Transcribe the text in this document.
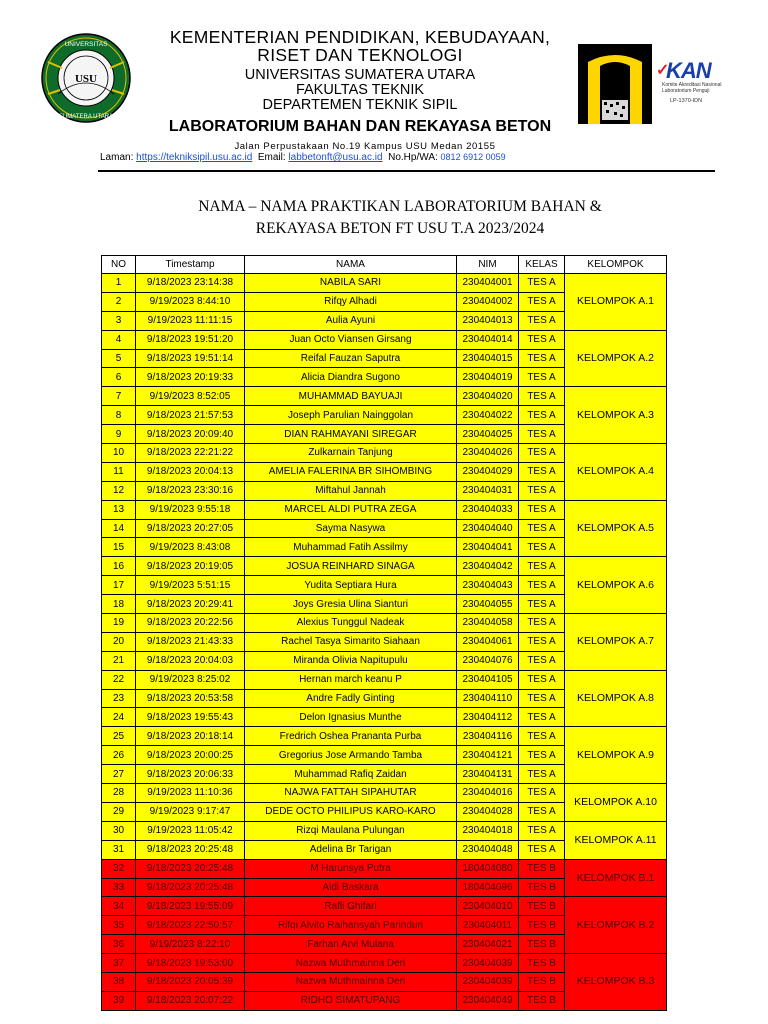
USU
UNIVERSITAS
SUMATERA UTARA
✓
KAN
Komite Akreditasi Nasional Laboratorium Penguji
LP-1370-IDN
KEMENTERIAN PENDIDIKAN, KEBUDAYAAN,
RISET DAN TEKNOLOGI
UNIVERSITAS SUMATERA UTARA
FAKULTAS TEKNIK
DEPARTEMEN TEKNIK SIPIL
LABORATORIUM BAHAN DAN REKAYASA BETON
Jalan Perpustakaan No.19 Kampus USU Medan 20155
Laman: https://tekniksipil.usu.ac.id Email: labbetonft@usu.ac.id No.Hp/WA: 0812 6912 0059
NAMA – NAMA PRAKTIKAN LABORATORIUM BAHAN &
REKAYASA BETON FT USU T.A 2023/2024
NO	Timestamp	NAMA	NIM	KELAS	KELOMPOK
1	9/18/2023 23:14:38	NABILA SARI	230404001	TES A	KELOMPOK A.1
2	9/19/2023 8:44:10	Rifqy Alhadi	230404002	TES A	
3	9/19/2023 11:11:15	Aulia Ayuni	230404013	TES A	
4	9/18/2023 19:51:20	Juan Octo Viansen Girsang	230404014	TES A	KELOMPOK A.2
5	9/18/2023 19:51:14	Reifal Fauzan Saputra	230404015	TES A	
6	9/18/2023 20:19:33	Alicia Diandra Sugono	230404019	TES A	
7	9/19/2023 8:52:05	MUHAMMAD BAYUAJI	230404020	TES A	KELOMPOK A.3
8	9/18/2023 21:57:53	Joseph Parulian Nainggolan	230404022	TES A	
9	9/18/2023 20:09:40	DIAN RAHMAYANI SIREGAR	230404025	TES A	
10	9/18/2023 22:21:22	Zulkarnain Tanjung	230404026	TES A	KELOMPOK A.4
11	9/18/2023 20:04:13	AMELIA FALERINA BR SIHOMBING	230404029	TES A	
12	9/18/2023 23:30:16	Miftahul Jannah	230404031	TES A	
13	9/19/2023 9:55:18	MARCEL ALDI PUTRA ZEGA	230404033	TES A	KELOMPOK A.5
14	9/18/2023 20:27:05	Sayma Nasywa	230404040	TES A	
15	9/19/2023 8:43:08	Muhammad Fatih Assilmy	230404041	TES A	
16	9/18/2023 20:19:05	JOSUA REINHARD SINAGA	230404042	TES A	KELOMPOK A.6
17	9/19/2023 5:51:15	Yudita Septiara Hura	230404043	TES A	
18	9/18/2023 20:29:41	Joys Gresia Ulina Sianturi	230404055	TES A	
19	9/18/2023 20:22:56	Alexius Tunggul Nadeak	230404058	TES A	KELOMPOK A.7
20	9/18/2023 21:43:33	Rachel Tasya Simarito Siahaan	230404061	TES A	
21	9/18/2023 20:04:03	Miranda Olivia Napitupulu	230404076	TES A	
22	9/19/2023 8:25:02	Hernan march keanu P	230404105	TES A	KELOMPOK A.8
23	9/18/2023 20:53:58	Andre Fadly Ginting	230404110	TES A	
24	9/18/2023 19:55:43	Delon Ignasius Munthe	230404112	TES A	
25	9/18/2023 20:18:14	Fredrich Oshea Prananta Purba	230404116	TES A	KELOMPOK A.9
26	9/18/2023 20:00:25	Gregorius Jose Armando Tamba	230404121	TES A	
27	9/18/2023 20:06:33	Muhammad Rafiq Zaidan	230404131	TES A	
28	9/19/2023 11:10:36	NAJWA FATTAH SIPAHUTAR	230404016	TES A	KELOMPOK A.10
29	9/19/2023 9:17:47	DEDE OCTO PHILIPUS KARO-KARO	230404028	TES A	
30	9/19/2023 11:05:42	Rizqi Maulana Pulungan	230404018	TES A	KELOMPOK A.11
31	9/18/2023 20:25:48	Adelina Br Tarigan	230404048	TES A	
32	9/18/2023 20:25:48	M Harunsya Putra	180404080	TES B	KELOMPOK B.1
33	9/18/2023 20:25:48	Aldi Baskara	180404096	TES B	
34	9/18/2023 19:55:09	Rafli Ghifari	230404010	TES B	KELOMPOK B.2
35	9/18/2023 22:50:57	Rifqi Alvito Raihansyah Parinduri	230404011	TES B	
36	9/19/2023 8:22:10	Farhan Arvi Mulana	230404021	TES B	
37	9/18/2023 19:53:00	Nazwa Muthmainna Deri	230404039	TES B	KELOMPOK B.3
38	9/18/2023 20:05:39	Nazwa Muthmainna Deri	230404039	TES B	
39	9/18/2023 20:07:22	RIDHO SIMATUPANG	230404049	TES B	
